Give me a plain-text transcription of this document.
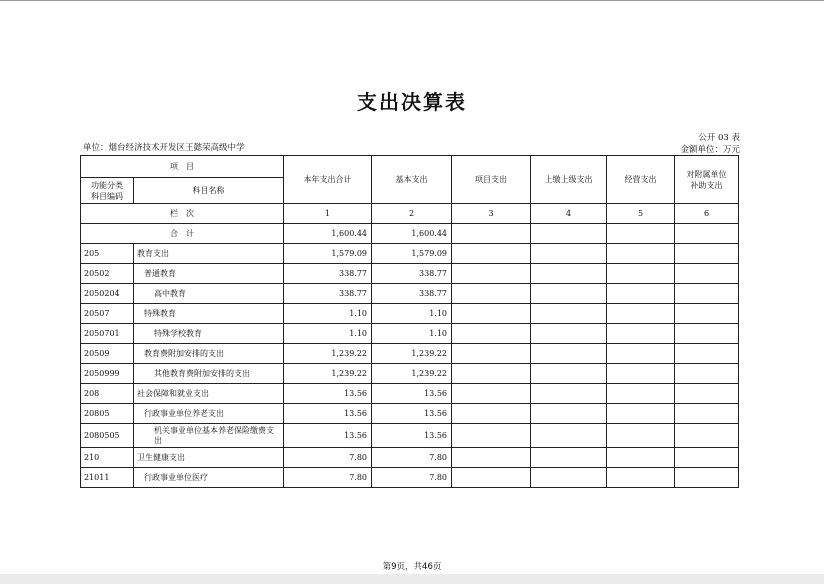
支出决算表
单位：烟台经济技术开发区王懿荣高级中学
公开 03 表
金额单位：万元
项　目		本年支出合计	基本支出	项目支出	上缴上级支出	经营支出	对附属单位
补助支出
功能分类
科目编码	科目名称						
栏　次		1	2	3	4	5	6
合　计		1,600.44	1,600.44				
205	教育支出	1,579.09	1,579.09				
20502	普通教育	338.77	338.77				
2050204	高中教育	338.77	338.77				
20507	特殊教育	1.10	1.10				
2050701	特殊学校教育	1.10	1.10				
20509	教育费附加安排的支出	1,239.22	1,239.22				
2050999	其他教育费附加安排的支出	1,239.22	1,239.22				
208	社会保障和就业支出	13.56	13.56				
20805	行政事业单位养老支出	13.56	13.56				
2080505	机关事业单位基本养老保险缴费支出	13.56	13.56				
210	卫生健康支出	7.80	7.80				
21011	行政事业单位医疗	7.80	7.80				
第9页，共46页
